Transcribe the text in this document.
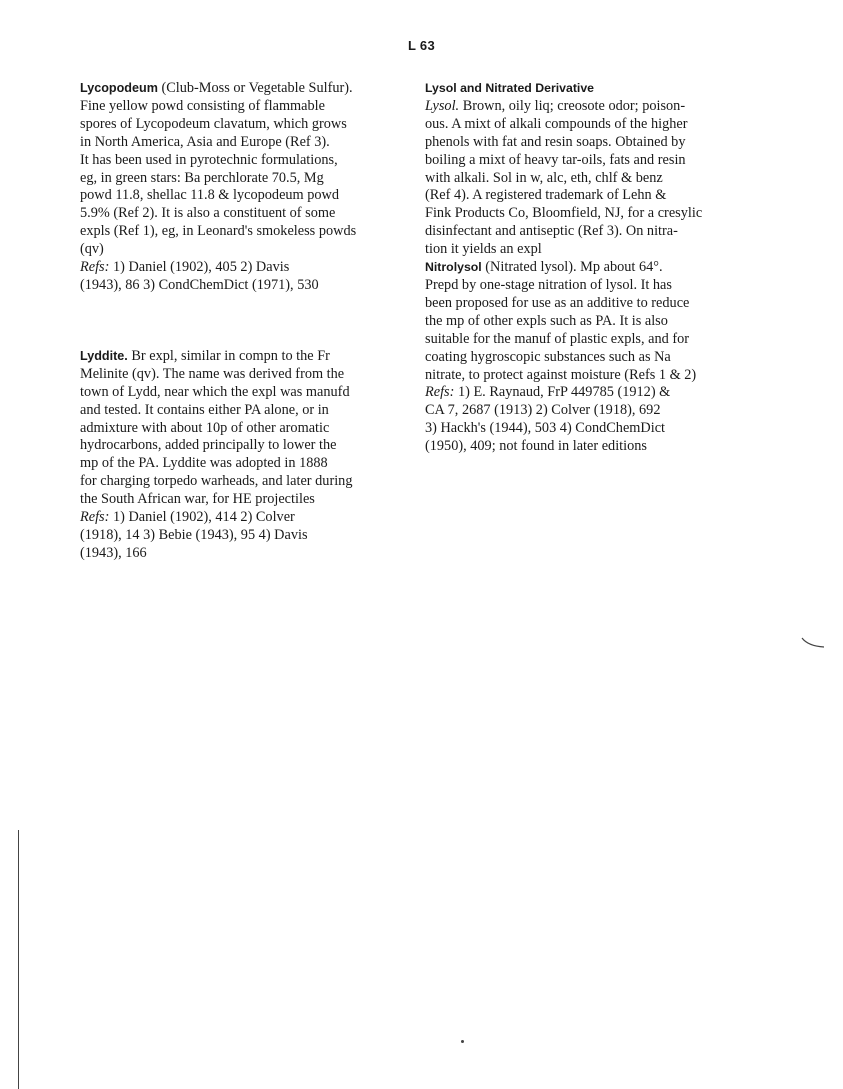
L 63
Lycopodeum (Club-Moss or Vegetable Sulfur).
Fine yellow powd consisting of flammable
spores of Lycopodeum clavatum, which grows
in North America, Asia and Europe (Ref 3).
It has been used in pyrotechnic formulations,
eg, in green stars: Ba perchlorate 70.5, Mg
powd 11.8, shellac 11.8 & lycopodeum powd
5.9% (Ref 2). It is also a constituent of some
expls (Ref 1), eg, in Leonard's smokeless powds
(qv)
Refs: 1) Daniel (1902), 405 2) Davis
(1943), 86 3) CondChemDict (1971), 530
Lyddite. Br expl, similar in compn to the Fr
Melinite (qv). The name was derived from the
town of Lydd, near which the expl was manufd
and tested. It contains either PA alone, or in
admixture with about 10p of other aromatic
hydrocarbons, added principally to lower the
mp of the PA. Lyddite was adopted in 1888
for charging torpedo warheads, and later during
the South African war, for HE projectiles
Refs: 1) Daniel (1902), 414 2) Colver
(1918), 14 3) Bebie (1943), 95 4) Davis
(1943), 166
Lysol and Nitrated Derivative
Lysol. Brown, oily liq; creosote odor; poison-
ous. A mixt of alkali compounds of the higher
phenols with fat and resin soaps. Obtained by
boiling a mixt of heavy tar-oils, fats and resin
with alkali. Sol in w, alc, eth, chlf & benz
(Ref 4). A registered trademark of Lehn &
Fink Products Co, Bloomfield, NJ, for a cresylic
disinfectant and antiseptic (Ref 3). On nitra-
tion it yields an expl
Nitrolysol (Nitrated lysol). Mp about 64°.
Prepd by one-stage nitration of lysol. It has
been proposed for use as an additive to reduce
the mp of other expls such as PA. It is also
suitable for the manuf of plastic expls, and for
coating hygroscopic substances such as Na
nitrate, to protect against moisture (Refs 1 & 2)
Refs: 1) E. Raynaud, FrP 449785 (1912) &
CA 7, 2687 (1913) 2) Colver (1918), 692
3) Hackh's (1944), 503 4) CondChemDict
(1950), 409; not found in later editions
